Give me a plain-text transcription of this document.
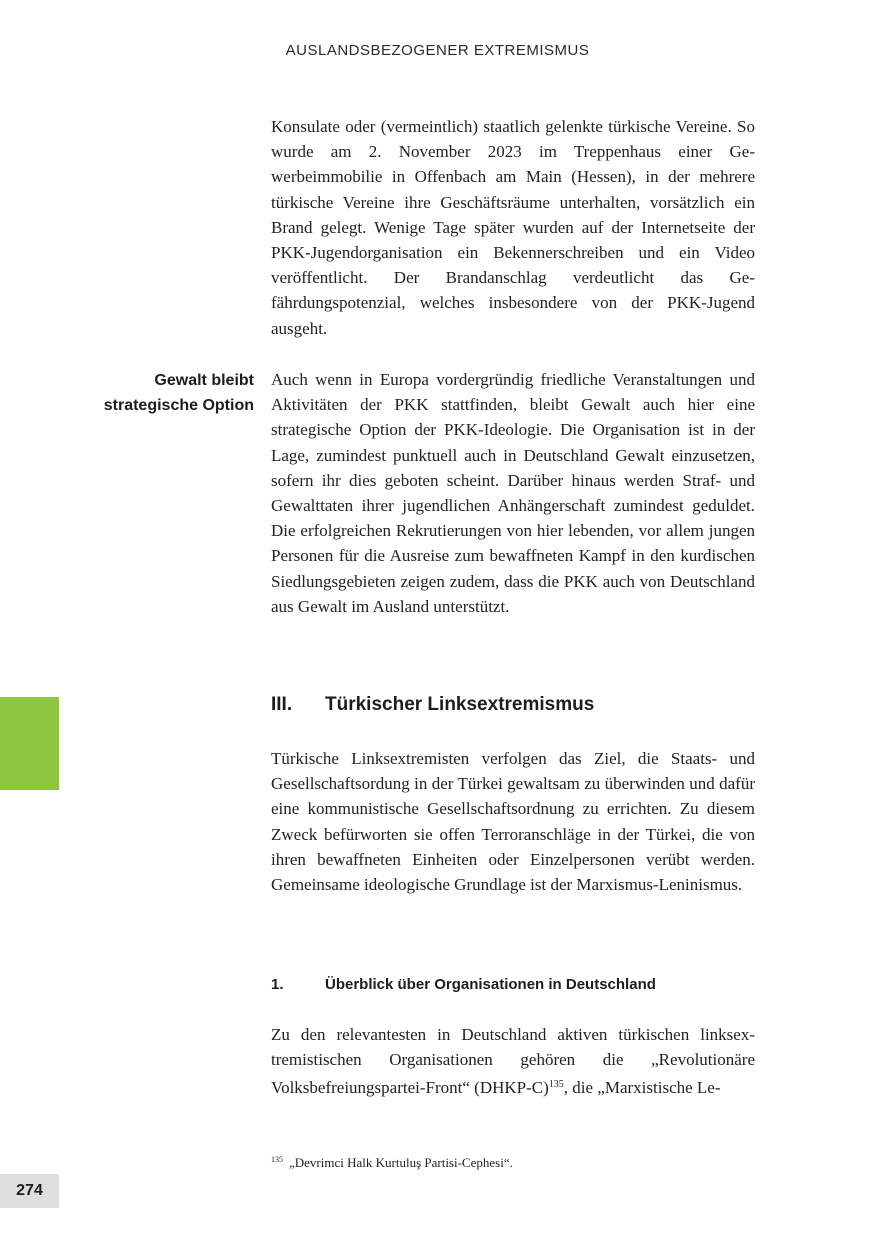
AUSLANDSBEZOGENER EXTREMISMUS

Konsulate oder (vermeintlich) staatlich gelenkte türkische Vereine. So wurde am 2. November 2023 im Treppenhaus einer Gewerbeimmobilie in Offenbach am Main (Hessen), in der mehrere türkische Vereine ihre Geschäftsräume unterhalten, vorsätzlich ein Brand gelegt. Wenige Tage später wurden auf der Internetseite der PKK-Jugendorganisation ein Bekennerschreiben und ein Video veröffentlicht. Der Brandanschlag verdeutlicht das Gefährdungspotenzial, welches insbesondere von der PKK-Jugend ausgeht.

Gewalt bleibt
strategische Option

Auch wenn in Europa vordergründig friedliche Veranstaltungen und Aktivitäten der PKK stattfinden, bleibt Gewalt auch hier eine strategische Option der PKK-Ideologie. Die Organisation ist in der Lage, zumindest punktuell auch in Deutschland Gewalt einzusetzen, sofern ihr dies geboten scheint. Darüber hinaus werden Straf- und Gewalttaten ihrer jugendlichen Anhängerschaft zumindest geduldet. Die erfolgreichen Rekrutierungen von hier lebenden, vor allem jungen Personen für die Ausreise zum bewaffneten Kampf in den kurdischen Siedlungsgebieten zeigen zudem, dass die PKK auch von Deutschland aus Gewalt im Ausland unterstützt.

III. Türkischer Linksextremismus

Türkische Linksextremisten verfolgen das Ziel, die Staats- und Gesellschaftsordung in der Türkei gewaltsam zu überwinden und dafür eine kommunistische Gesellschaftsordnung zu errichten. Zu diesem Zweck befürworten sie offen Terroranschläge in der Türkei, die von ihren bewaffneten Einheiten oder Einzelpersonen verübt werden. Gemeinsame ideologische Grundlage ist der Marxismus-Leninismus.

1.	Überblick über Organisationen in Deutschland

Zu den relevantesten in Deutschland aktiven türkischen linksextremistischen Organisationen gehören die „Revolutionäre Volksbefreiungspartei-Front“ (DHKP-C)$^{135}$, die „Marxistische Le-

$^{135}$ „Devrimci Halk Kurtuluş Partisi-Cephesi“.
274
